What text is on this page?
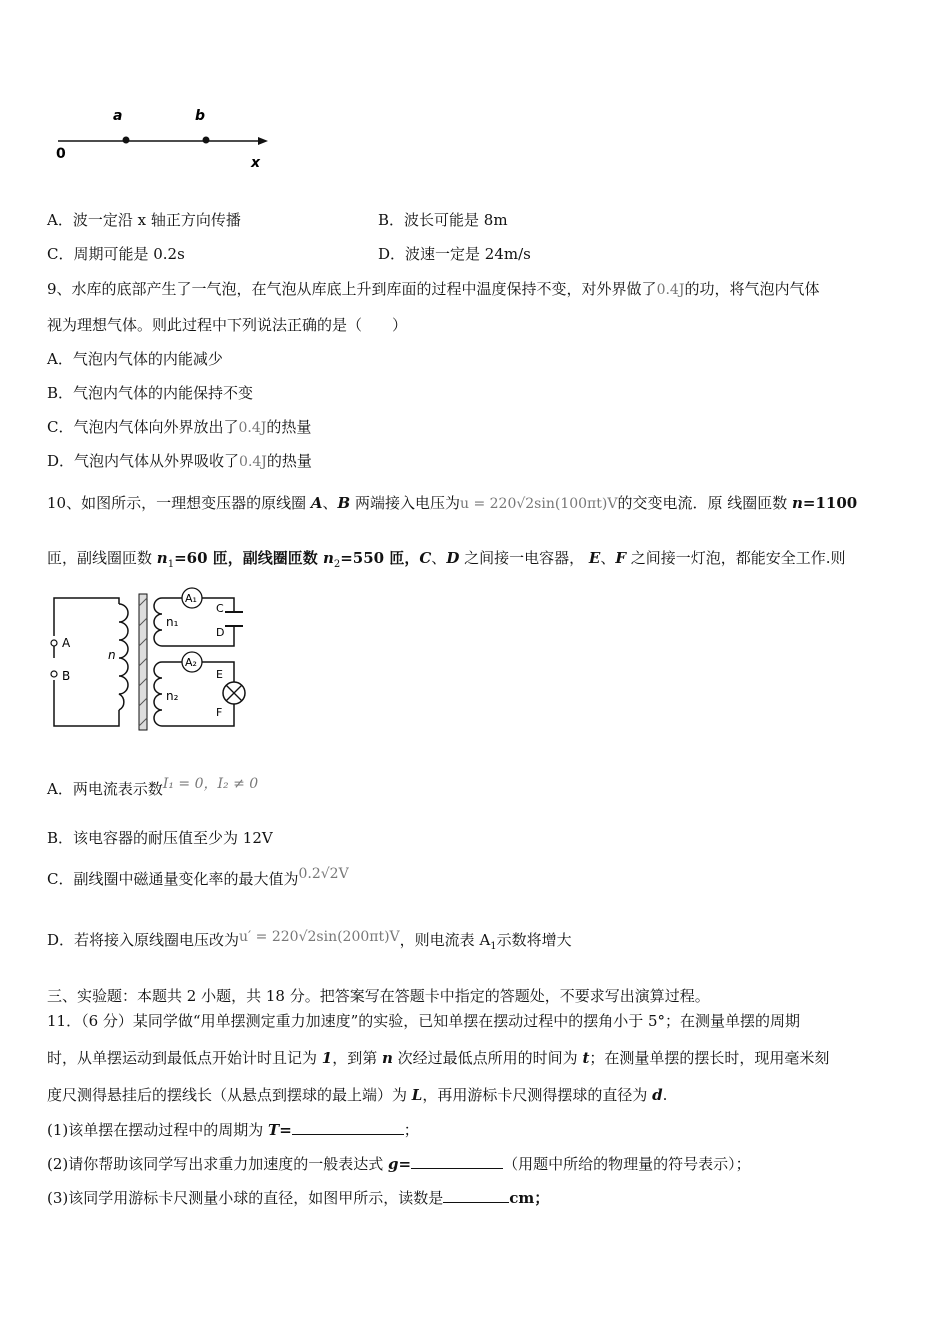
a	b
0
x
A．波一定沿 x 轴正方向传播	B．波长可能是 8m
C．周期可能是 0.2s	D．波速一定是 24m/s
9、水库的底部产生了一气泡，在气泡从库底上升到库面的过程中温度保持不变，对外界做了0.4J的功，将气泡内气体
视为理想气体。则此过程中下列说法正确的是（　　）
A．气泡内气体的内能减少
B．气泡内气体的内能保持不变
C．气泡内气体向外界放出了0.4J的热量
D．气泡内气体从外界吸收了0.4J的热量
10、如图所示，一理想变压器的原线圈 A、B 两端接入电压为u = 220√2sin(100πt)V的交变电流．原 线圈匝数 n=1100
匝，副线圈匝数 $n_1=60$ 匝，副线圈匝数 $n_2=550$ 匝，C、D 之间接一电容器， E、F 之间接一灯泡，都能安全工作.则
A
B
n
n₁
A₁
C
D
n₂
A₂
E
F
A．两电流表示数I₁ = 0，I₂ ≠ 0
B．该电容器的耐压值至少为 12V
C．副线圈中磁通量变化率的最大值为0.2√2V
D．若将接入原线圈电压改为u′ = 220√2sin(200πt)V，则电流表 $A_1$示数将增大
三、实验题：本题共 2 小题，共 18 分。把答案写在答题卡中指定的答题处，不要求写出演算过程。
11．（6 分）某同学做“用单摆测定重力加速度”的实验，已知单摆在摆动过程中的摆角小于 5°；在测量单摆的周期
时，从单摆运动到最低点开始计时且记为 1，到第 n 次经过最低点所用的时间为 t；在测量单摆的摆长时，现用毫米刻
度尺测得悬挂后的摆线长（从悬点到摆球的最上端）为 L，再用游标卡尺测得摆球的直径为 d.
(1)该单摆在摆动过程中的周期为 T=	；
(2)请你帮助该同学写出求重力加速度的一般表达式 g=	（用题中所给的物理量的符号表示）；
(3)该同学用游标卡尺测量小球的直径，如图甲所示，读数是	cm；
